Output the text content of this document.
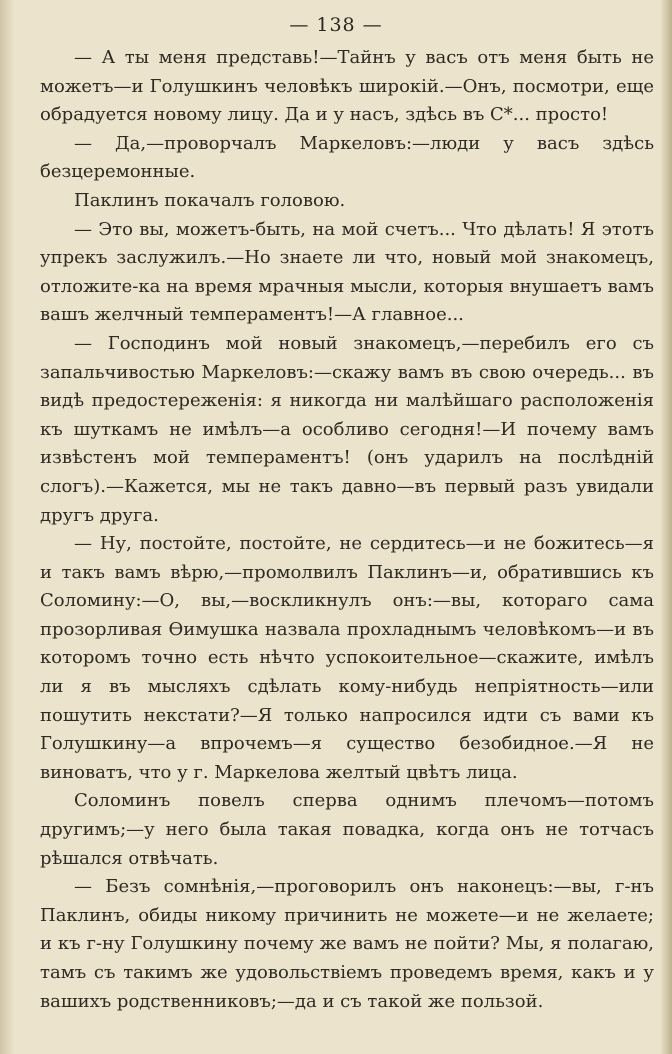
— 138 —

— А ты меня представь!—Тайнъ у васъ отъ меня быть не можетъ—и Голушкинъ человѣкъ широкій.—Онъ, посмотри, еще обрадуется новому лицу. Да и у насъ, здѣсь въ С*... просто!

— Да,—проворчалъ Маркеловъ:—люди у васъ здѣсь безцеремонные.

Паклинъ покачалъ головою.

— Это вы, можетъ-быть, на мой счетъ... Что дѣлать! Я этотъ упрекъ заслужилъ.—Но знаете ли что, новый мой знакомецъ, отложите-ка на время мрачныя мысли, которыя внушаетъ вамъ вашъ желчный темпераментъ!—А главное...

— Господинъ мой новый знакомецъ,—перебилъ его съ запальчивостью Маркеловъ:—скажу вамъ въ свою очередь... въ видѣ предостереженія: я никогда ни малѣйшаго расположенія къ шуткамъ не имѣлъ—а особливо сегодня!—И почему вамъ извѣстенъ мой темпераментъ! (онъ ударилъ на послѣдній слогъ).—Кажется, мы не такъ давно—въ первый разъ увидали другъ друга.

— Ну, постойте, постойте, не сердитесь—и не божитесь—я и такъ вамъ вѣрю,—промолвилъ Паклинъ—и, обратившись къ Соломину:—О, вы,—воскликнулъ онъ:—вы, котораго сама прозорливая Өимушка назвала прохладнымъ человѣкомъ—и въ которомъ точно есть нѣчто успокоительное—скажите, имѣлъ ли я въ мысляхъ сдѣлать кому-нибудь непріятность—или пошутить некстати?—Я только напросился идти съ вами къ Голушкину—а впрочемъ—я существо безобидное.—Я не виноватъ, что у г. Маркелова желтый цвѣтъ лица.

Соломинъ повелъ сперва однимъ плечомъ—потомъ другимъ;—у него была такая повадка, когда онъ не тотчасъ рѣшался отвѣчать.

— Безъ сомнѣнія,—проговорилъ онъ наконецъ:—вы, г-нъ Паклинъ, обиды никому причинить не можете—и не желаете; и къ г-ну Голушкину почему же вамъ не пойти? Мы, я полагаю, тамъ съ такимъ же удовольствіемъ проведемъ время, какъ и у вашихъ родственниковъ;—да и съ такой же пользой.
